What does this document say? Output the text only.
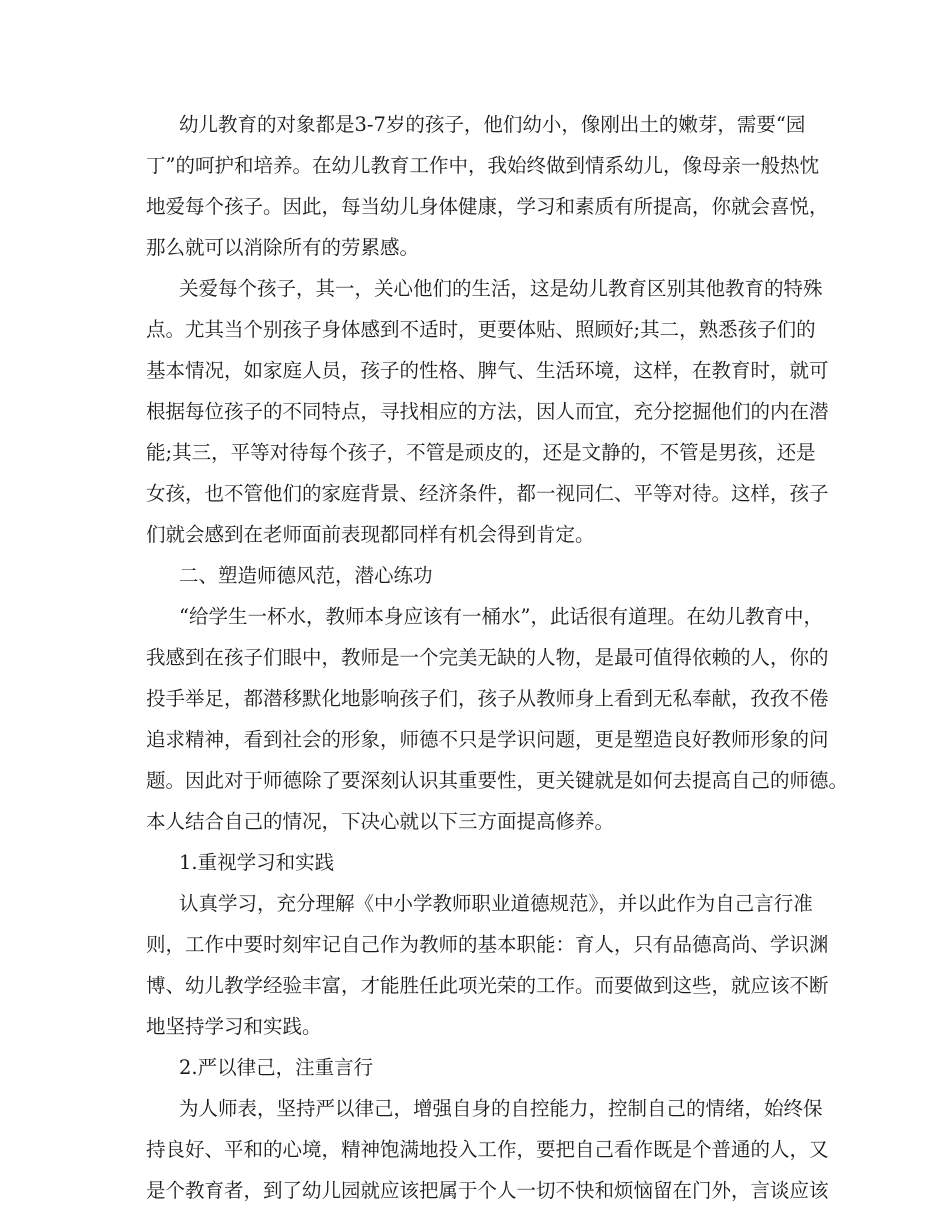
幼儿教育的对象都是3-7岁的孩子，他们幼小，像刚出土的嫩芽，需要“园
丁”的呵护和培养。在幼儿教育工作中，我始终做到情系幼儿，像母亲一般热忱
地爱每个孩子。因此，每当幼儿身体健康，学习和素质有所提高，你就会喜悦，
那么就可以消除所有的劳累感。
关爱每个孩子，其一，关心他们的生活，这是幼儿教育区别其他教育的特殊
点。尤其当个别孩子身体感到不适时，更要体贴、照顾好;其二，熟悉孩子们的
基本情况，如家庭人员，孩子的性格、脾气、生活环境，这样，在教育时，就可
根据每位孩子的不同特点，寻找相应的方法，因人而宜，充分挖掘他们的内在潜
能;其三，平等对待每个孩子，不管是顽皮的，还是文静的，不管是男孩，还是
女孩，也不管他们的家庭背景、经济条件，都一视同仁、平等对待。这样，孩子
们就会感到在老师面前表现都同样有机会得到肯定。
二、塑造师德风范，潜心练功
“给学生一杯水，教师本身应该有一桶水”，此话很有道理。在幼儿教育中，
我感到在孩子们眼中，教师是一个完美无缺的人物，是最可值得依赖的人，你的
投手举足，都潜移默化地影响孩子们，孩子从教师身上看到无私奉献，孜孜不倦
追求精神，看到社会的形象，师德不只是学识问题，更是塑造良好教师形象的问
题。因此对于师德除了要深刻认识其重要性，更关键就是如何去提高自己的师德。
本人结合自己的情况，下决心就以下三方面提高修养。
1.重视学习和实践
认真学习，充分理解《中小学教师职业道德规范》，并以此作为自己言行准
则，工作中要时刻牢记自己作为教师的基本职能：育人，只有品德高尚、学识渊
博、幼儿教学经验丰富，才能胜任此项光荣的工作。而要做到这些，就应该不断
地坚持学习和实践。
2.严以律己，注重言行
为人师表，坚持严以律己，增强自身的自控能力，控制自己的情绪，始终保
持良好、平和的心境，精神饱满地投入工作，要把自己看作既是个普通的人，又
是个教育者，到了幼儿园就应该把属于个人一切不快和烦恼留在门外，言谈应该
